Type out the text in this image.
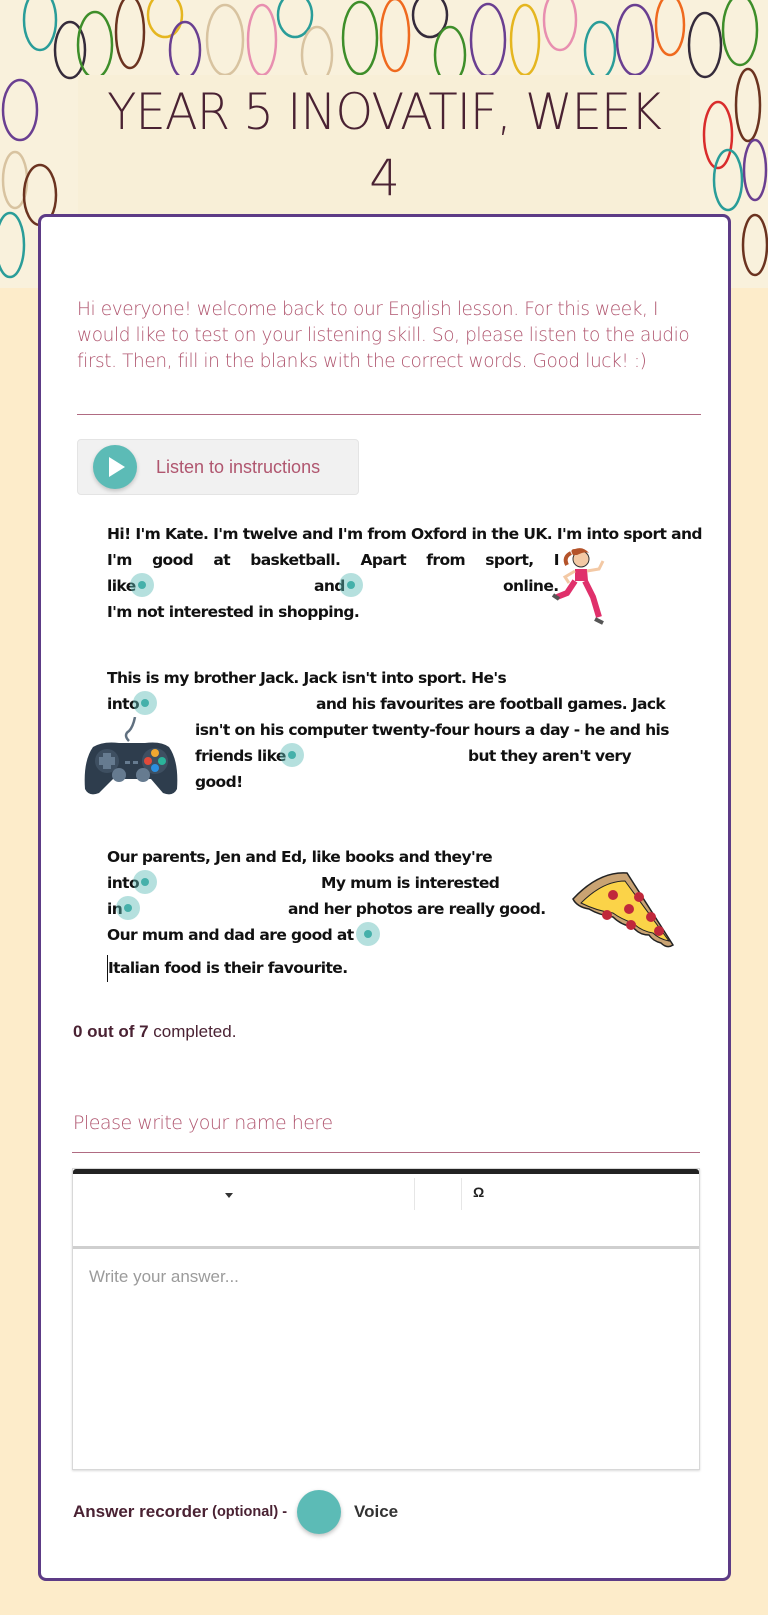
YEAR 5 INOVATIF, WEEK 4
Hi everyone! welcome back to our English lesson. For this week, I would like to test on your listening skill. So, please listen to the audio first. Then, fill in the blanks with the correct words. Good luck! :)
Listen to instructions
Hi! I'm Kate. I'm twelve and I'm from Oxford in the UK. I'm into sport and
I'm good at basketball. Apart from sport, I
like	and	online.
I'm not interested in shopping.
This is my brother Jack. Jack isn't into sport. He's
into	and his favourites are football games. Jack
isn't on his computer twenty-four hours a day - he and his
friends like	but they aren't very
good!
Our parents, Jen and Ed, like books and they're
into	My mum is interested
in	and her photos are really good.
Our mum and dad are good at
Italian food is their favourite.
0 out of 7 completed.
Please write your name here
Ω
Write your answer...
Answer recorder (optional) -	Voice
